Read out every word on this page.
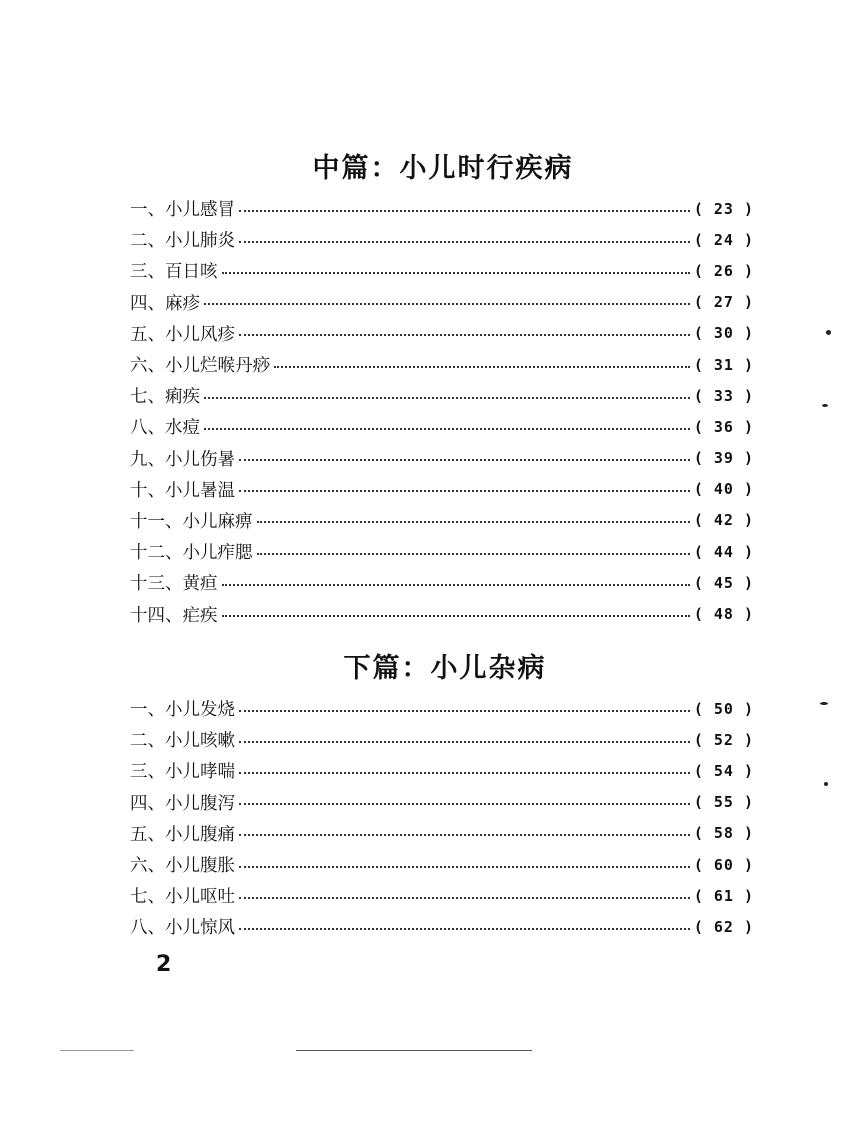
中篇：小儿时行疾病
一、小儿感冒	( 23 )
二、小儿肺炎	( 24 )
三、百日咳	( 26 )
四、麻疹	( 27 )
五、小儿风疹	( 30 )
六、小儿烂喉丹痧	( 31 )
七、痢疾	( 33 )
八、水痘	( 36 )
九、小儿伤暑	( 39 )
十、小儿暑温	( 40 )
十一、小儿麻痹	( 42 )
十二、小儿痄腮	( 44 )
十三、黄疸	( 45 )
十四、疟疾	( 48 )
下篇：小儿杂病
一、小儿发烧	( 50 )
二、小儿咳嗽	( 52 )
三、小儿哮喘	( 54 )
四、小儿腹泻	( 55 )
五、小儿腹痛	( 58 )
六、小儿腹胀	( 60 )
七、小儿呕吐	( 61 )
八、小儿惊风	( 62 )

2
